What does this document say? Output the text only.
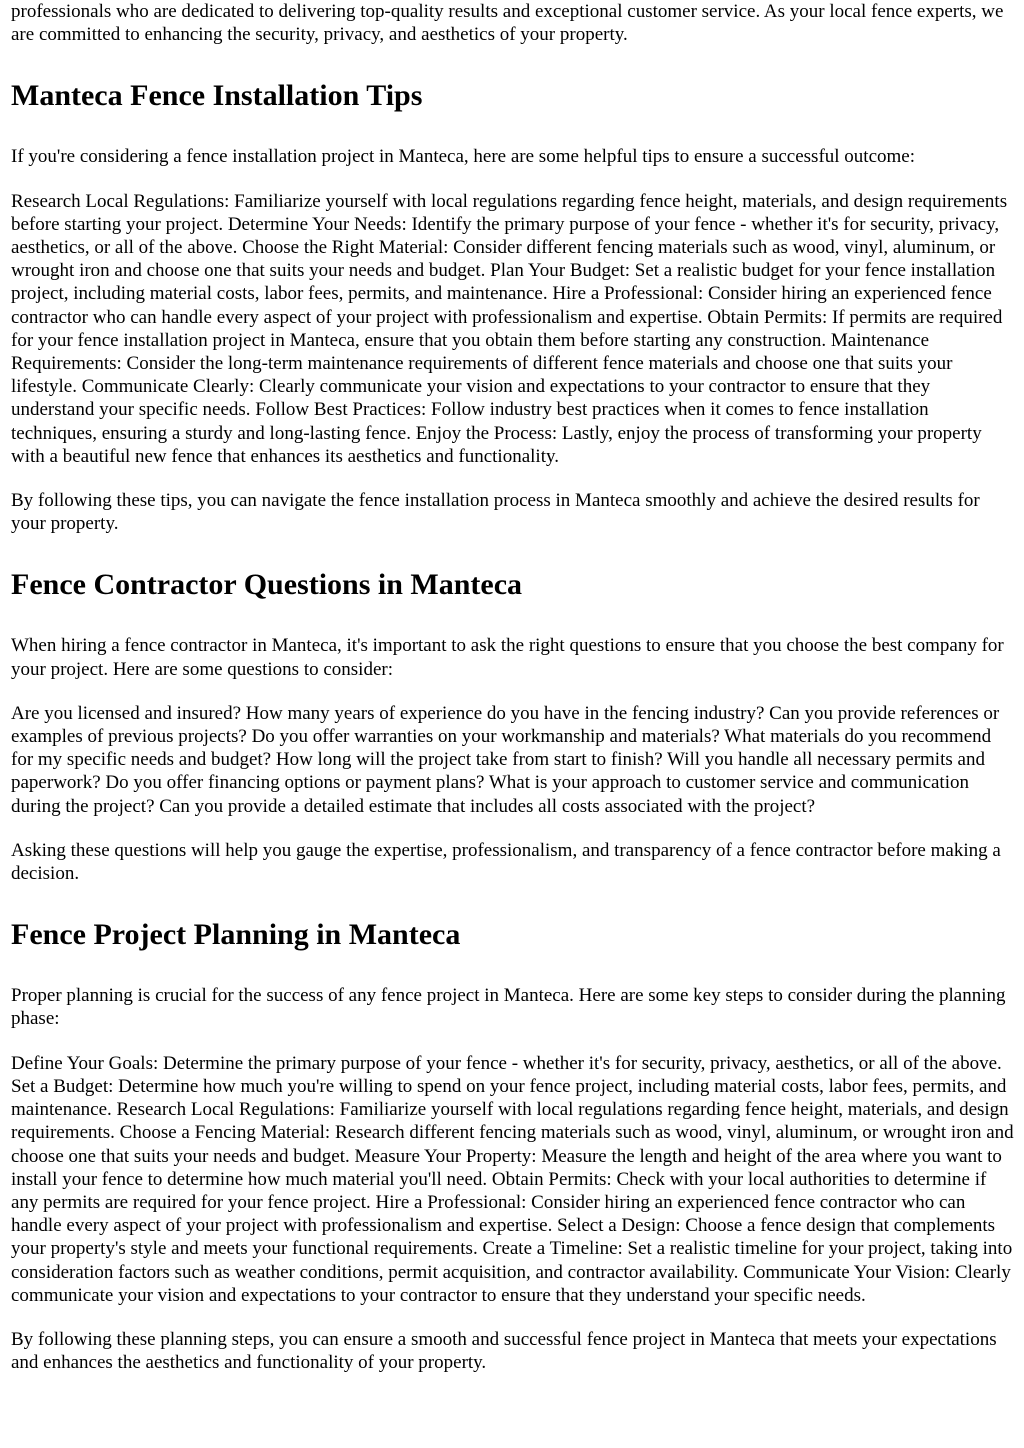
professionals who are dedicated to delivering top-quality results and exceptional customer service. As your local fence experts, we are committed to enhancing the security, privacy, and aesthetics of your property.

Manteca Fence Installation Tips

If you're considering a fence installation project in Manteca, here are some helpful tips to ensure a successful outcome:

Research Local Regulations: Familiarize yourself with local regulations regarding fence height, materials, and design requirements before starting your project. Determine Your Needs: Identify the primary purpose of your fence - whether it's for security, privacy, aesthetics, or all of the above. Choose the Right Material: Consider different fencing materials such as wood, vinyl, aluminum, or wrought iron and choose one that suits your needs and budget. Plan Your Budget: Set a realistic budget for your fence installation project, including material costs, labor fees, permits, and maintenance. Hire a Professional: Consider hiring an experienced fence contractor who can handle every aspect of your project with professionalism and expertise. Obtain Permits: If permits are required for your fence installation project in Manteca, ensure that you obtain them before starting any construction. Maintenance Requirements: Consider the long-term maintenance requirements of different fence materials and choose one that suits your lifestyle. Communicate Clearly: Clearly communicate your vision and expectations to your contractor to ensure that they understand your specific needs. Follow Best Practices: Follow industry best practices when it comes to fence installation techniques, ensuring a sturdy and long-lasting fence. Enjoy the Process: Lastly, enjoy the process of transforming your property with a beautiful new fence that enhances its aesthetics and functionality.

By following these tips, you can navigate the fence installation process in Manteca smoothly and achieve the desired results for your property.

Fence Contractor Questions in Manteca

When hiring a fence contractor in Manteca, it's important to ask the right questions to ensure that you choose the best company for your project. Here are some questions to consider:

Are you licensed and insured? How many years of experience do you have in the fencing industry? Can you provide references or examples of previous projects? Do you offer warranties on your workmanship and materials? What materials do you recommend for my specific needs and budget? How long will the project take from start to finish? Will you handle all necessary permits and paperwork? Do you offer financing options or payment plans? What is your approach to customer service and communication during the project? Can you provide a detailed estimate that includes all costs associated with the project?

Asking these questions will help you gauge the expertise, professionalism, and transparency of a fence contractor before making a decision.

Fence Project Planning in Manteca

Proper planning is crucial for the success of any fence project in Manteca. Here are some key steps to consider during the planning phase:

Define Your Goals: Determine the primary purpose of your fence - whether it's for security, privacy, aesthetics, or all of the above. Set a Budget: Determine how much you're willing to spend on your fence project, including material costs, labor fees, permits, and maintenance. Research Local Regulations: Familiarize yourself with local regulations regarding fence height, materials, and design requirements. Choose a Fencing Material: Research different fencing materials such as wood, vinyl, aluminum, or wrought iron and choose one that suits your needs and budget. Measure Your Property: Measure the length and height of the area where you want to install your fence to determine how much material you'll need. Obtain Permits: Check with your local authorities to determine if any permits are required for your fence project. Hire a Professional: Consider hiring an experienced fence contractor who can handle every aspect of your project with professionalism and expertise. Select a Design: Choose a fence design that complements your property's style and meets your functional requirements. Create a Timeline: Set a realistic timeline for your project, taking into consideration factors such as weather conditions, permit acquisition, and contractor availability. Communicate Your Vision: Clearly communicate your vision and expectations to your contractor to ensure that they understand your specific needs.

By following these planning steps, you can ensure a smooth and successful fence project in Manteca that meets your expectations and enhances the aesthetics and functionality of your property.
